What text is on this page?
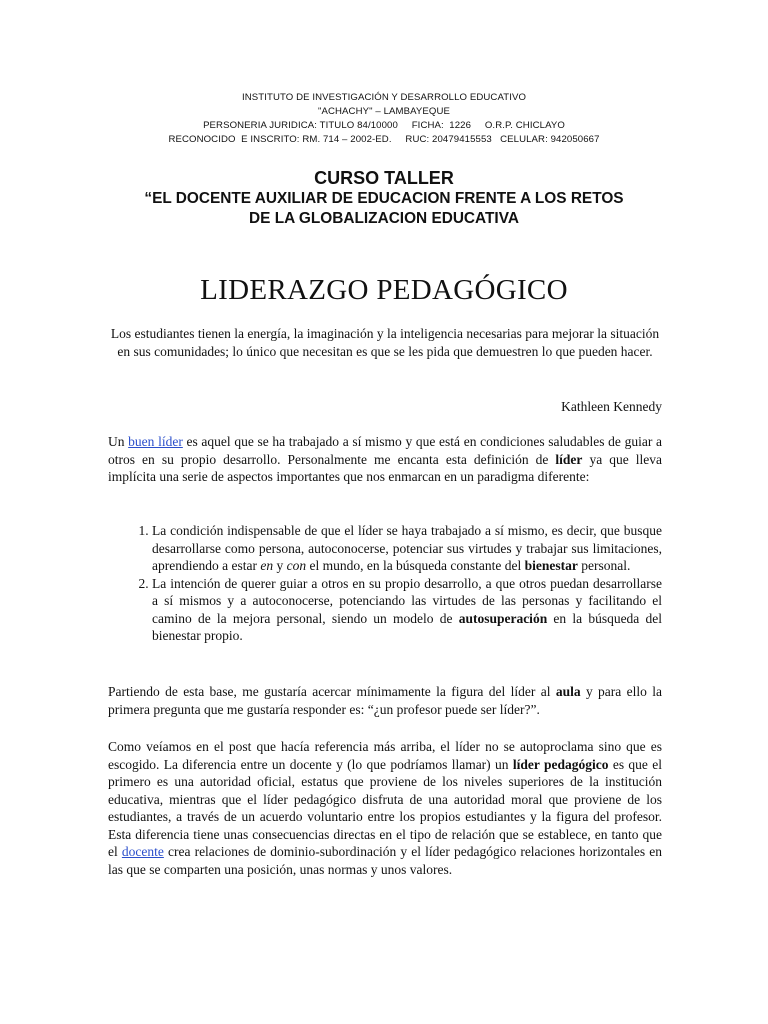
INSTITUTO DE INVESTIGACIÓN Y DESARROLLO EDUCATIVO
"ACHACHY" – LAMBAYEQUE
PERSONERIA JURIDICA: TITULO 84/10000     FICHA:  1226     O.R.P. CHICLAYO
RECONOCIDO  E INSCRITO: RM. 714 – 2002-ED.     RUC: 20479415553   CELULAR: 942050667
CURSO TALLER
“EL DOCENTE AUXILIAR DE EDUCACION FRENTE A LOS RETOS
DE LA GLOBALIZACION EDUCATIVA
LIDERAZGO PEDAGÓGICO
Los estudiantes tienen la energía, la imaginación y la inteligencia necesarias para mejorar la situación en sus comunidades; lo único que necesitan es que se les pida que demuestren lo que pueden hacer.
Kathleen Kennedy

Un buen líder es aquel que se ha trabajado a sí mismo y que está en condiciones saludables de guiar a otros en su propio desarrollo. Personalmente me encanta esta definición de líder ya que lleva implícita una serie de aspectos importantes que nos enmarcan en un paradigma diferente:

1. La condición indispensable de que el líder se haya trabajado a sí mismo, es decir, que busque desarrollarse como persona, autoconocerse, potenciar sus virtudes y trabajar sus limitaciones, aprendiendo a estar en y con el mundo, en la búsqueda constante del bienestar personal.
2. La intención de querer guiar a otros en su propio desarrollo, a que otros puedan desarrollarse a sí mismos y a autoconocerse, potenciando las virtudes de las personas y facilitando el camino de la mejora personal, siendo un modelo de autosuperación en la búsqueda del bienestar propio.

Partiendo de esta base, me gustaría acercar mínimamente la figura del líder al aula y para ello la primera pregunta que me gustaría responder es: “¿un profesor puede ser líder?”.

Como veíamos en el post que hacía referencia más arriba, el líder no se autoproclama sino que es escogido. La diferencia entre un docente y (lo que podríamos llamar) un líder pedagógico es que el primero es una autoridad oficial, estatus que proviene de los niveles superiores de la institución educativa, mientras que el líder pedagógico disfruta de una autoridad moral que proviene de los estudiantes, a través de un acuerdo voluntario entre los propios estudiantes y la figura del profesor. Esta diferencia tiene unas consecuencias directas en el tipo de relación que se establece, en tanto que el docente crea relaciones de dominio-subordinación y el líder pedagógico relaciones horizontales en las que se comparten una posición, unas normas y unos valores.
